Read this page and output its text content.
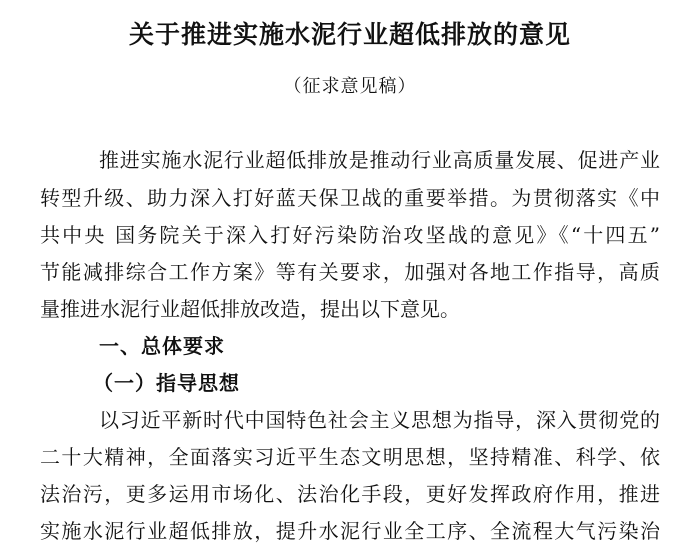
关于推进实施水泥行业超低排放的意见
（征求意见稿）
推进实施水泥行业超低排放是推动行业高质量发展、促进产业
转型升级、助力深入打好蓝天保卫战的重要举措。为贯彻落实《中
共中央 国务院关于深入打好污染防治攻坚战的意见》《“十四五”
节能减排综合工作方案》等有关要求，加强对各地工作指导，高质
量推进水泥行业超低排放改造，提出以下意见。
一、总体要求
（一）指导思想
以习近平新时代中国特色社会主义思想为指导，深入贯彻党的
二十大精神，全面落实习近平生态文明思想，坚持精准、科学、依
法治污，更多运用市场化、法治化手段，更好发挥政府作用，推进
实施水泥行业超低排放，提升水泥行业全工序、全流程大气污染治
